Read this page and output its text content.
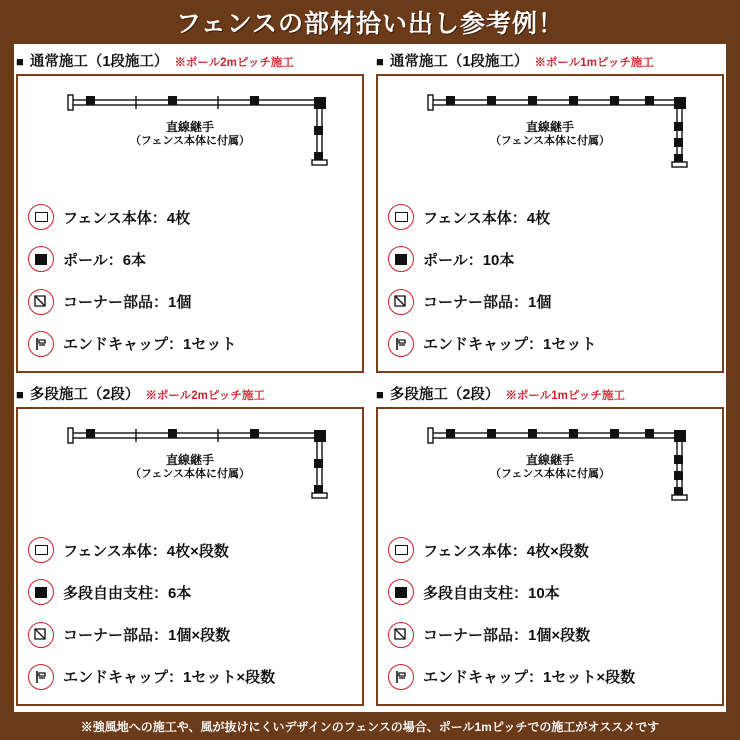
フェンスの部材拾い出し参考例！
■ 通常施工（1段施工） ※ポール2mピッチ施工
直線継手
（フェンス本体に付属）
フェンス本体：4枚
ポール：6本
コーナー部品：1個
エンドキャップ：1セット
■ 通常施工（1段施工） ※ポール1mピッチ施工
直線継手
（フェンス本体に付属）
フェンス本体：4枚
ポール：10本
コーナー部品：1個
エンドキャップ：1セット
■ 多段施工（2段） ※ポール2mピッチ施工
直線継手
（フェンス本体に付属）
フェンス本体：4枚×段数
多段自由支柱：6本
コーナー部品：1個×段数
エンドキャップ：1セット×段数
■ 多段施工（2段） ※ポール1mピッチ施工
直線継手
（フェンス本体に付属）
フェンス本体：4枚×段数
多段自由支柱：10本
コーナー部品：1個×段数
エンドキャップ：1セット×段数
※強風地への施工や、風が抜けにくいデザインのフェンスの場合、ポール1mピッチでの施工がオススメです
